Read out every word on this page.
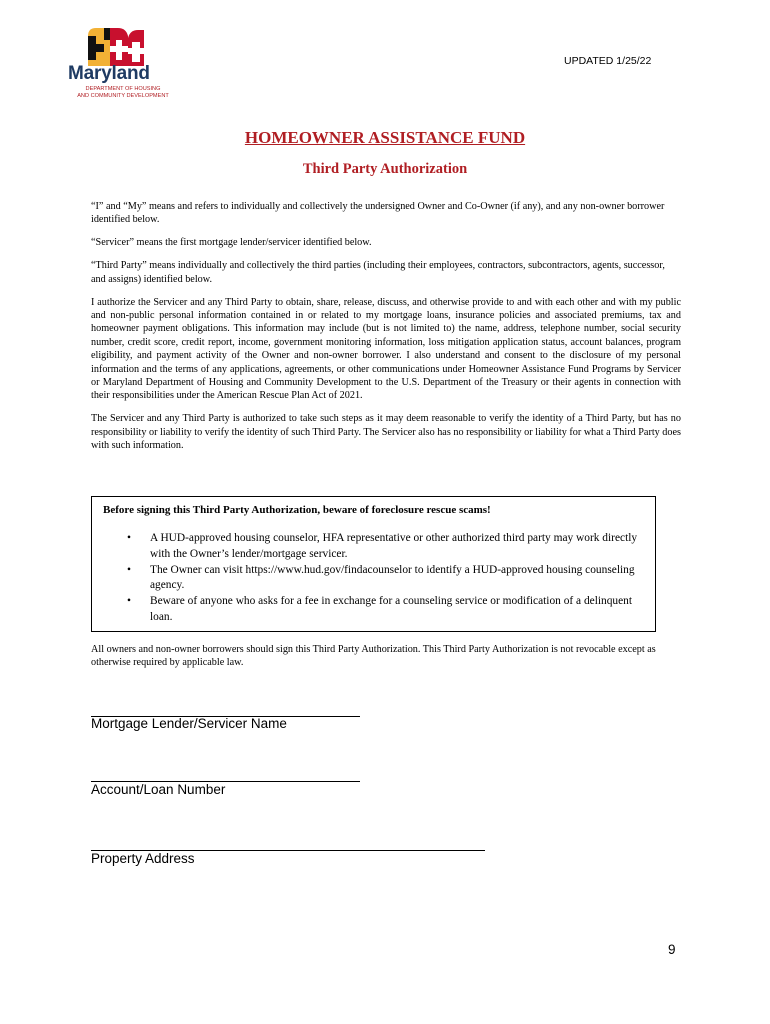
Maryland
DEPARTMENT OF HOUSING
AND COMMUNITY DEVELOPMENT
UPDATED 1/25/22
HOMEOWNER ASSISTANCE FUND
Third Party Authorization

“I” and “My” means and refers to individually and collectively the undersigned Owner and Co-Owner (if any), and any non-owner borrower identified below.

“Servicer” means the first mortgage lender/servicer identified below.

“Third Party” means individually and collectively the third parties (including their employees, contractors, subcontractors, agents, successor, and assigns) identified below.

I authorize the Servicer and any Third Party to obtain, share, release, discuss, and otherwise provide to and with each other and with my public and non-public personal information contained in or related to my mortgage loans, insurance policies and associated premiums, tax and homeowner payment obligations. This information may include (but is not limited to) the name, address, telephone number, social security number, credit score, credit report, income, government monitoring information, loss mitigation application status, account balances, program eligibility, and payment activity of the Owner and non-owner borrower. I also understand and consent to the disclosure of my personal information and the terms of any applications, agreements, or other communications under Homeowner Assistance Fund Programs by Servicer or Maryland Department of Housing and Community Development to the U.S. Department of the Treasury or their agents in connection with their responsibilities under the American Rescue Plan Act of 2021.

The Servicer and any Third Party is authorized to take such steps as it may deem reasonable to verify the identity of a Third Party, but has no responsibility or liability to verify the identity of such Third Party. The Servicer also has no responsibility or liability for what a Third Party does with such information.

Before signing this Third Party Authorization, beware of foreclosure rescue scams!
• A HUD-approved housing counselor, HFA representative or other authorized third party may work directly with the Owner’s lender/mortgage servicer.
• The Owner can visit https://www.hud.gov/findacounselor to identify a HUD-approved housing counseling agency.
• Beware of anyone who asks for a fee in exchange for a counseling service or modification of a delinquent loan.
All owners and non-owner borrowers should sign this Third Party Authorization. This Third Party Authorization is not revocable except as otherwise required by applicable law.
Mortgage Lender/Servicer Name
Account/Loan Number
Property Address
9
